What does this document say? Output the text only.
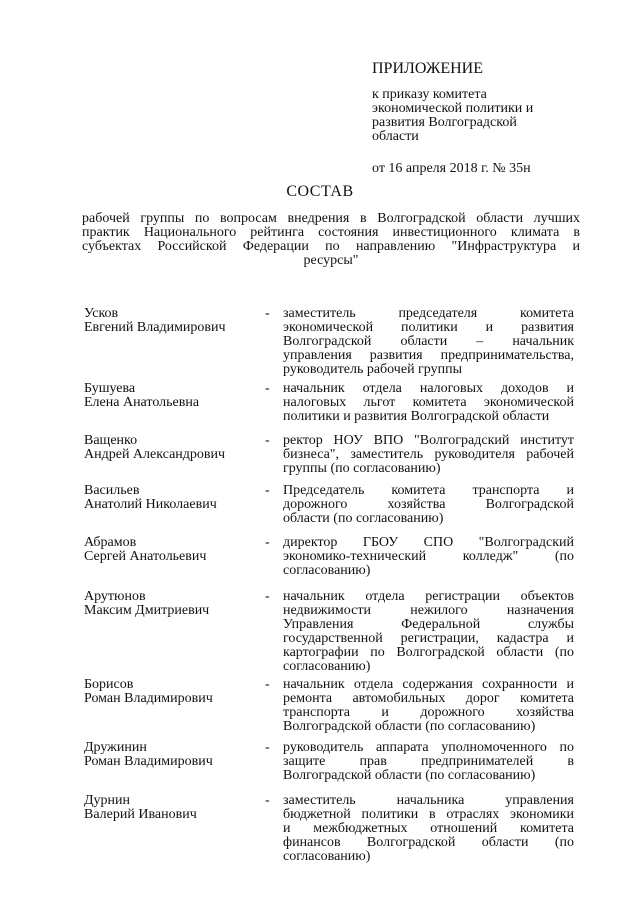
ПРИЛОЖЕНИЕ
к приказу комитета
экономической политики и
развития Волгоградской
области
от 16 апреля 2018 г. № 35н
СОСТАВ
рабочей группы по вопросам внедрения в Волгоградской области лучших
практик Национального рейтинга состояния инвестиционного климата в
субъектах Российской Федерации по направлению "Инфраструктура и
ресурсы"
Усков
Евгений Владимирович
- заместитель председателя комитета
экономической политики и развития
Волгоградской области – начальник
управления развития предпринимательства,
руководитель рабочей группы
Бушуева
Елена Анатольевна
- начальник отдела налоговых доходов и
налоговых льгот комитета экономической
политики и развития Волгоградской области
Ващенко
Андрей Александрович
- ректор НОУ ВПО "Волгоградский институт
бизнеса", заместитель руководителя рабочей
группы (по согласованию)
Васильев
Анатолий Николаевич
- Председатель комитета транспорта и
дорожного хозяйства Волгоградской
области (по согласованию)
Абрамов
Сергей Анатольевич
- директор ГБОУ СПО "Волгоградский
экономико-технический колледж" (по
согласованию)
Арутюнов
Максим Дмитриевич
- начальник отдела регистрации объектов
недвижимости нежилого назначения
Управления Федеральной службы
государственной регистрации, кадастра и
картографии по Волгоградской области (по
согласованию)
Борисов
Роман Владимирович
- начальник отдела содержания сохранности и
ремонта автомобильных дорог комитета
транспорта и дорожного хозяйства
Волгоградской области (по согласованию)
Дружинин
Роман Владимирович
- руководитель аппарата уполномоченного по
защите прав предпринимателей в
Волгоградской области (по согласованию)
Дурнин
Валерий Иванович
- заместитель начальника управления
бюджетной политики в отраслях экономики
и межбюджетных отношений комитета
финансов Волгоградской области (по
согласованию)
